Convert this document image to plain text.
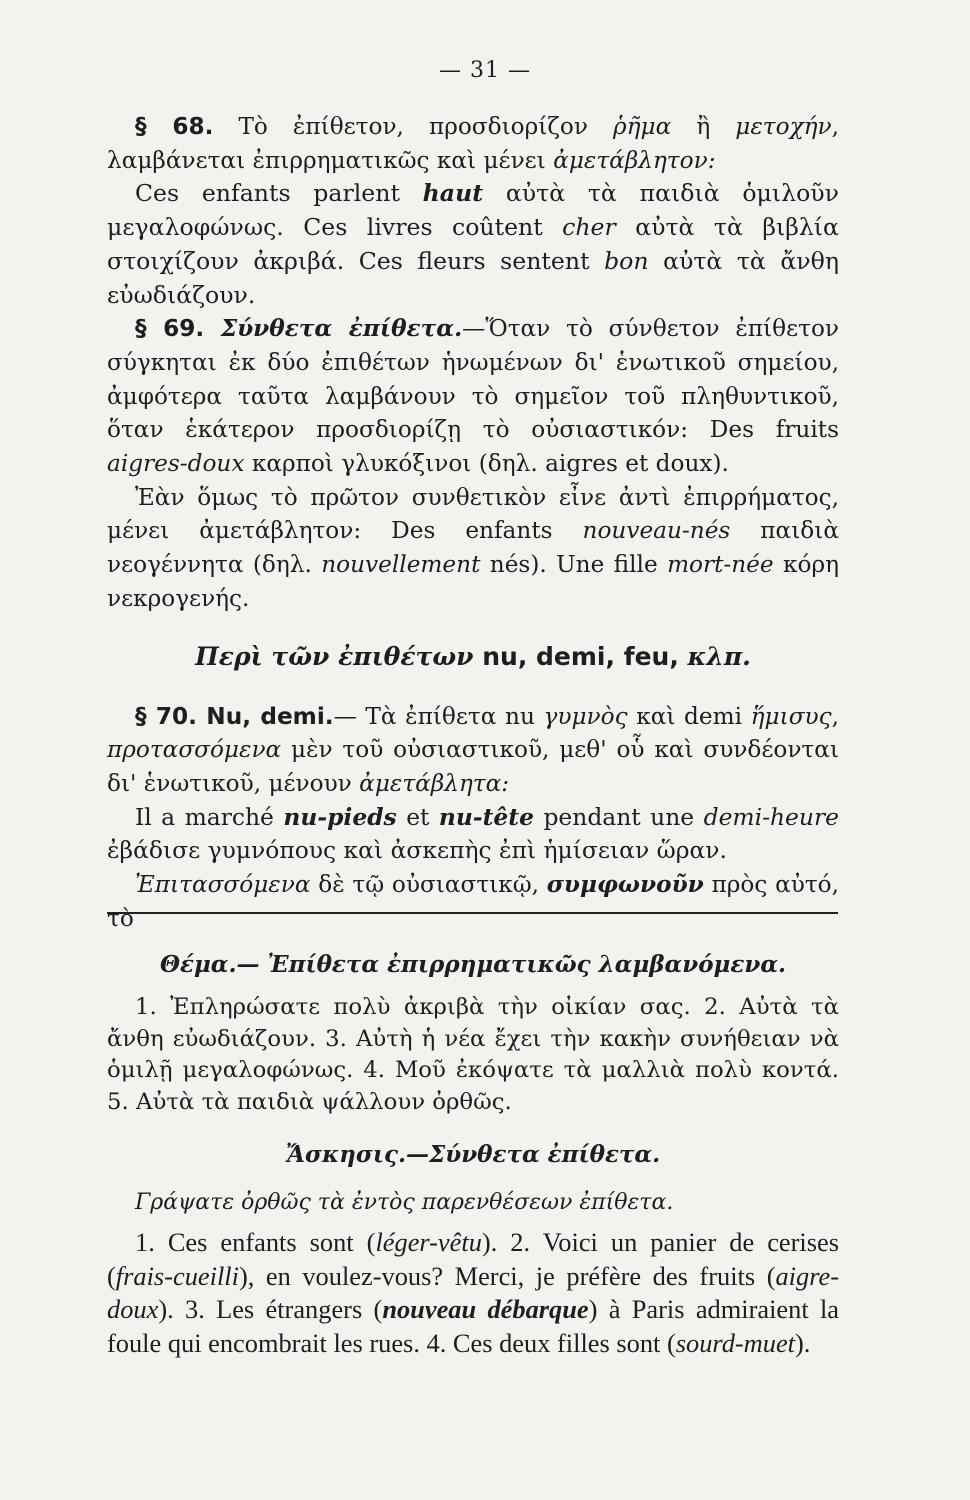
— 31 —

§ 68. Τὸ ἐπίθετον, προσδιορίζον ῥῆμα ἢ μετοχήν, λαμβάνεται ἐπιρρηματικῶς καὶ μένει ἀμετάβλητον:

Ces enfants parlent haut αὐτὰ τὰ παιδιὰ ὁμιλοῦν μεγαλοφώνως. Ces livres coûtent cher αὐτὰ τὰ βιβλία στοιχίζουν ἀκριβά. Ces fleurs sentent bon αὐτὰ τὰ ἄνθη εὐωδιάζουν.

§ 69. Σύνθετα ἐπίθετα.—Ὅταν τὸ σύνθετον ἐπίθετον σύγκηται ἐκ δύο ἐπιθέτων ἡνωμένων δι' ἑνωτικοῦ σημείου, ἀμφότερα ταῦτα λαμβάνουν τὸ σημεῖον τοῦ πληθυντικοῦ, ὅταν ἑκάτερον προσδιορίζῃ τὸ οὐσιαστικόν: Des fruits aigres-doux καρποὶ γλυκόξινοι (δηλ. aigres et doux).

Ἐὰν ὅμως τὸ πρῶτον συνθετικὸν εἶνε ἀντὶ ἐπιρρήματος, μένει ἀμετάβλητον: Des enfants nouveau-nés παιδιὰ νεογέννητα (δηλ. nouvellement nés). Une fille mort-née κόρη νεκρογενής.

Περὶ τῶν ἐπιθέτων nu, demi, feu, κλπ.

§ 70. Nu, demi.— Τὰ ἐπίθετα nu γυμνὸς καὶ demi ἥμισυς, προτασσόμενα μὲν τοῦ οὐσιαστικοῦ, μεθ' οὗ καὶ συνδέονται δι' ἑνωτικοῦ, μένουν ἀμετάβλητα:

Il a marché nu-pieds et nu-tête pendant une demi-heure ἐβάδισε γυμνόπους καὶ ἀσκεπὴς ἐπὶ ἡμίσειαν ὥραν.

Ἐπιτασσόμενα δὲ τῷ οὐσιαστικῷ, συμφωνοῦν πρὸς αὐτό, τὸ

Θέμα.— Ἐπίθετα ἐπιρρηματικῶς λαμβανόμενα.

1. Ἐπληρώσατε πολὺ ἀκριβὰ τὴν οἰκίαν σας. 2. Αὐτὰ τὰ ἄνθη εὐωδιάζουν. 3. Αὐτὴ ἡ νέα ἔχει τὴν κακὴν συνήθειαν νὰ ὁμιλῇ μεγαλοφώνως. 4. Μοῦ ἐκόψατε τὰ μαλλιὰ πολὺ κοντά. 5. Αὐτὰ τὰ παιδιὰ ψάλλουν ὀρθῶς.

Ἄσκησις.—Σύνθετα ἐπίθετα.

Γράψατε ὀρθῶς τὰ ἐντὸς παρενθέσεων ἐπίθετα.

1. Ces enfants sont (léger-vêtu). 2. Voici un panier de cerises (frais-cueilli), en voulez-vous? Merci, je préfère des fruits (aigre-doux). 3. Les étrangers (nouveau débarque) à Paris admiraient la foule qui encombrait les rues. 4. Ces deux filles sont (sourd-muet).
